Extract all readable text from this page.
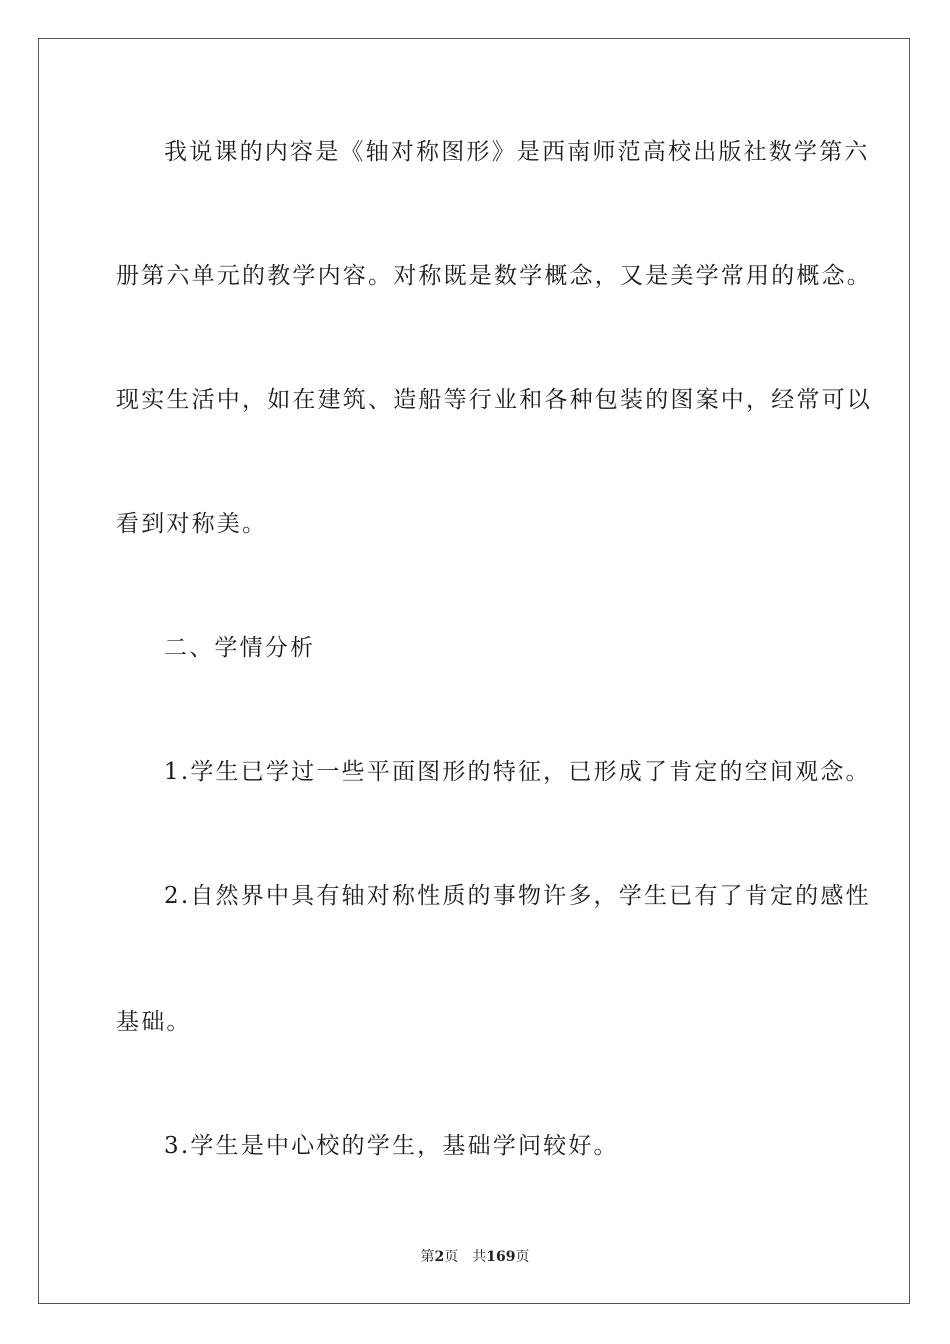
我说课的内容是《轴对称图形》是西南师范高校出版社数学第六
册第六单元的教学内容。对称既是数学概念，又是美学常用的概念。
现实生活中，如在建筑、造船等行业和各种包装的图案中，经常可以
看到对称美。
二、学情分析
1.学生已学过一些平面图形的特征，已形成了肯定的空间观念。
2.自然界中具有轴对称性质的事物许多，学生已有了肯定的感性
基础。
3.学生是中心校的学生，基础学问较好。
第2页 共169页
